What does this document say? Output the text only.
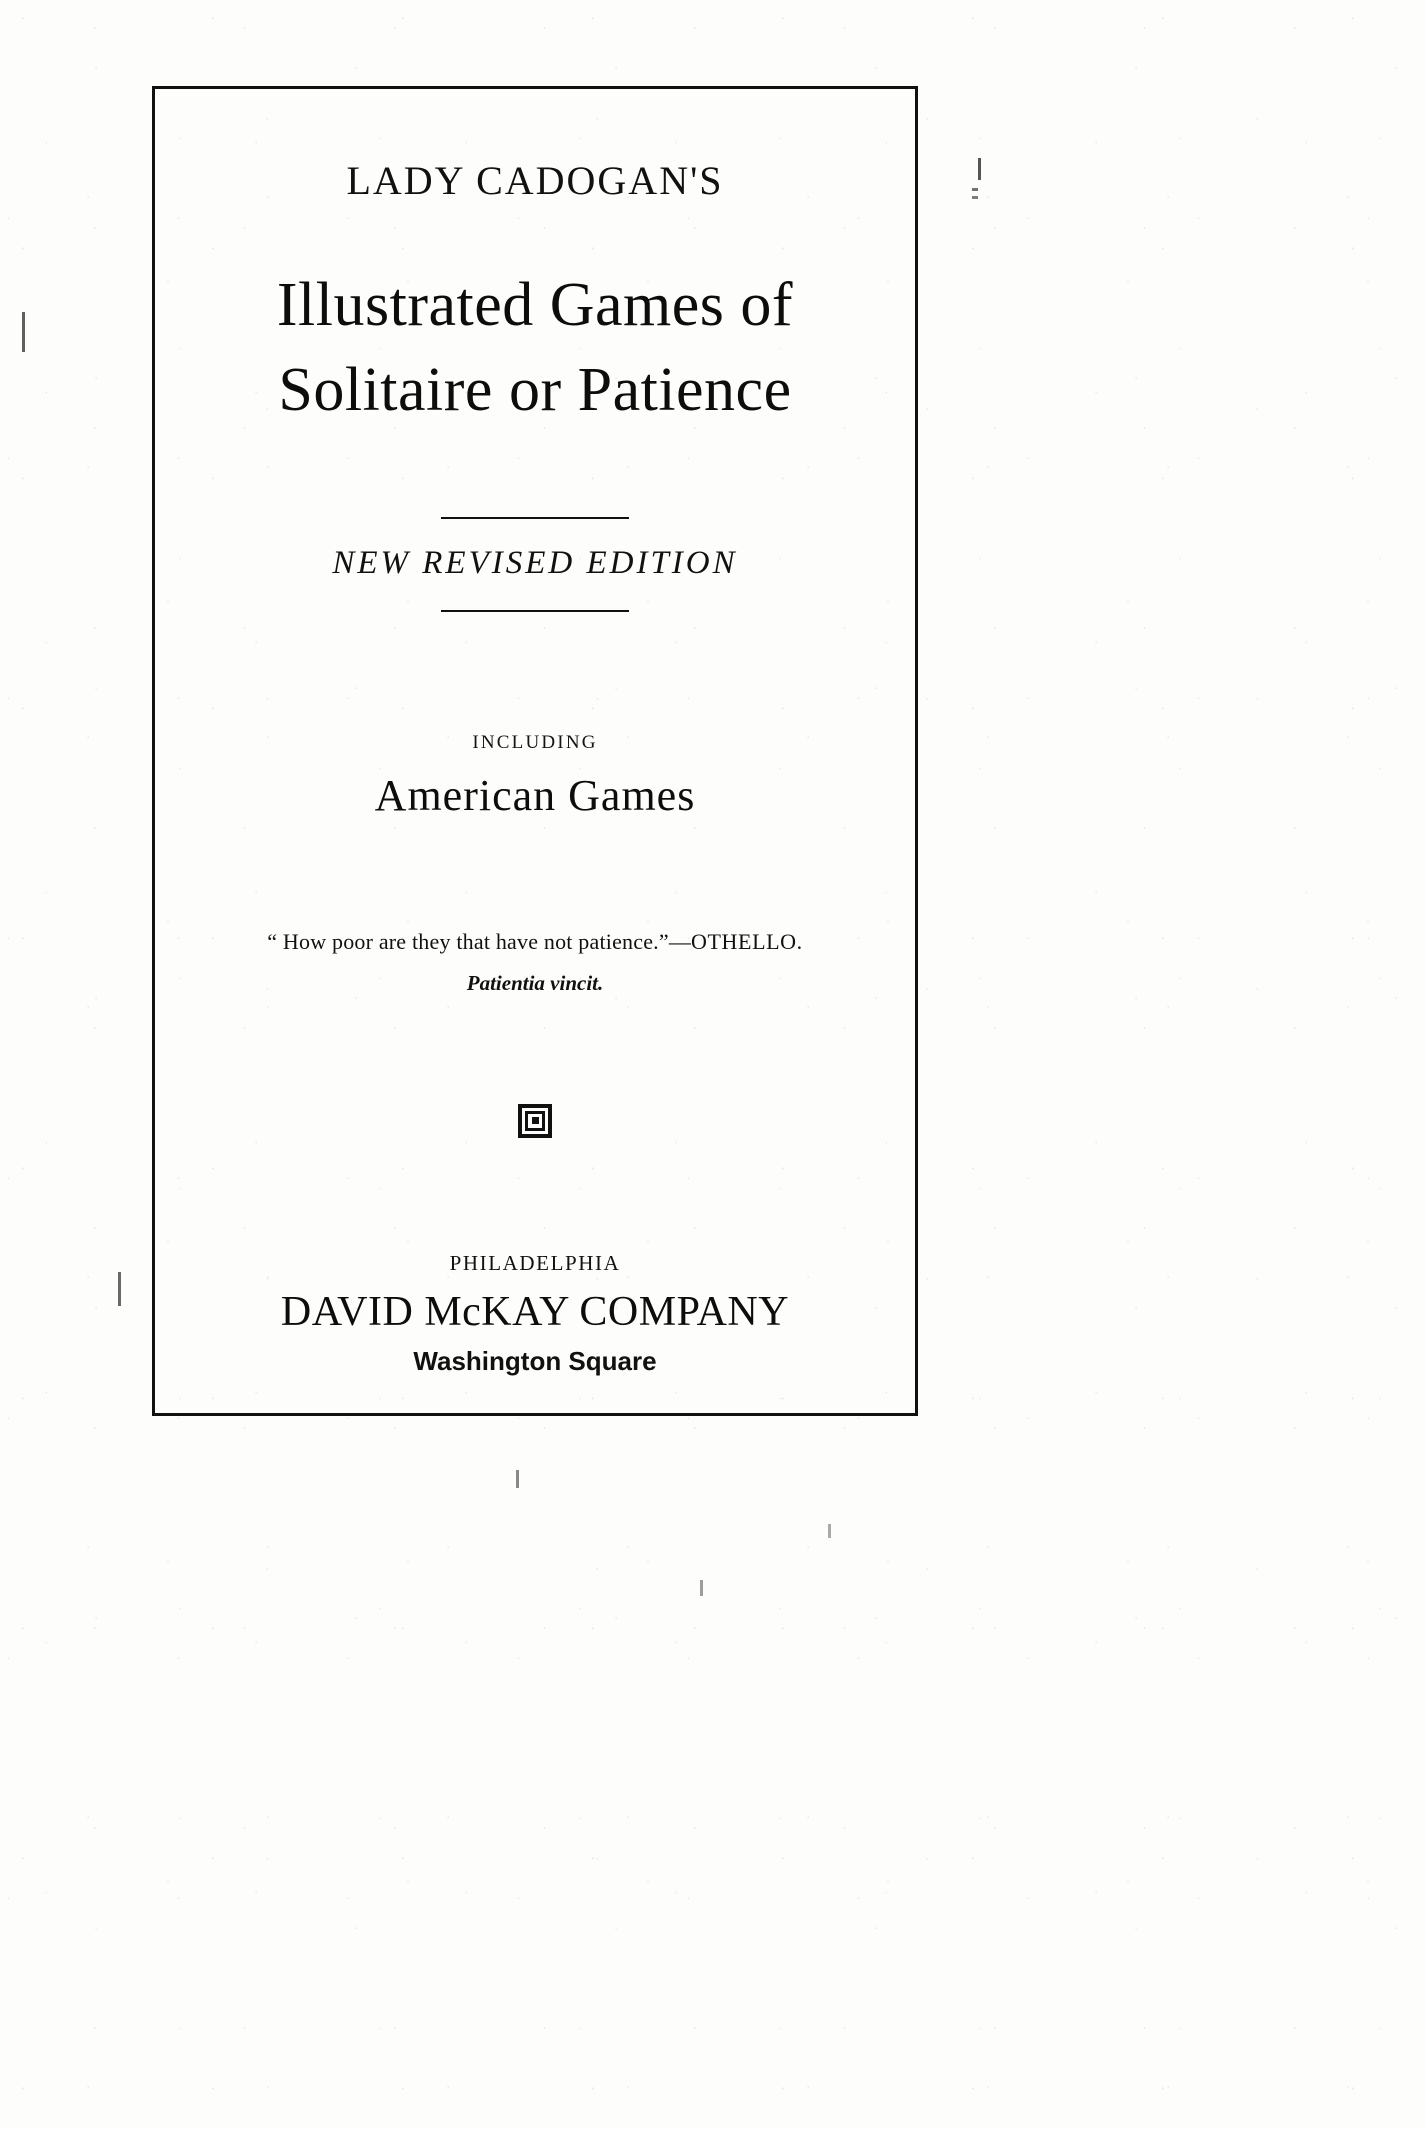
LADY CADOGAN'S
Illustrated Games of
Solitaire or Patience
NEW REVISED EDITION
INCLUDING
American Games
“ How poor are they that have not patience.”—OTHELLO.
Patientia vincit.
PHILADELPHIA
DAVID McKAY COMPANY
Washington Square
